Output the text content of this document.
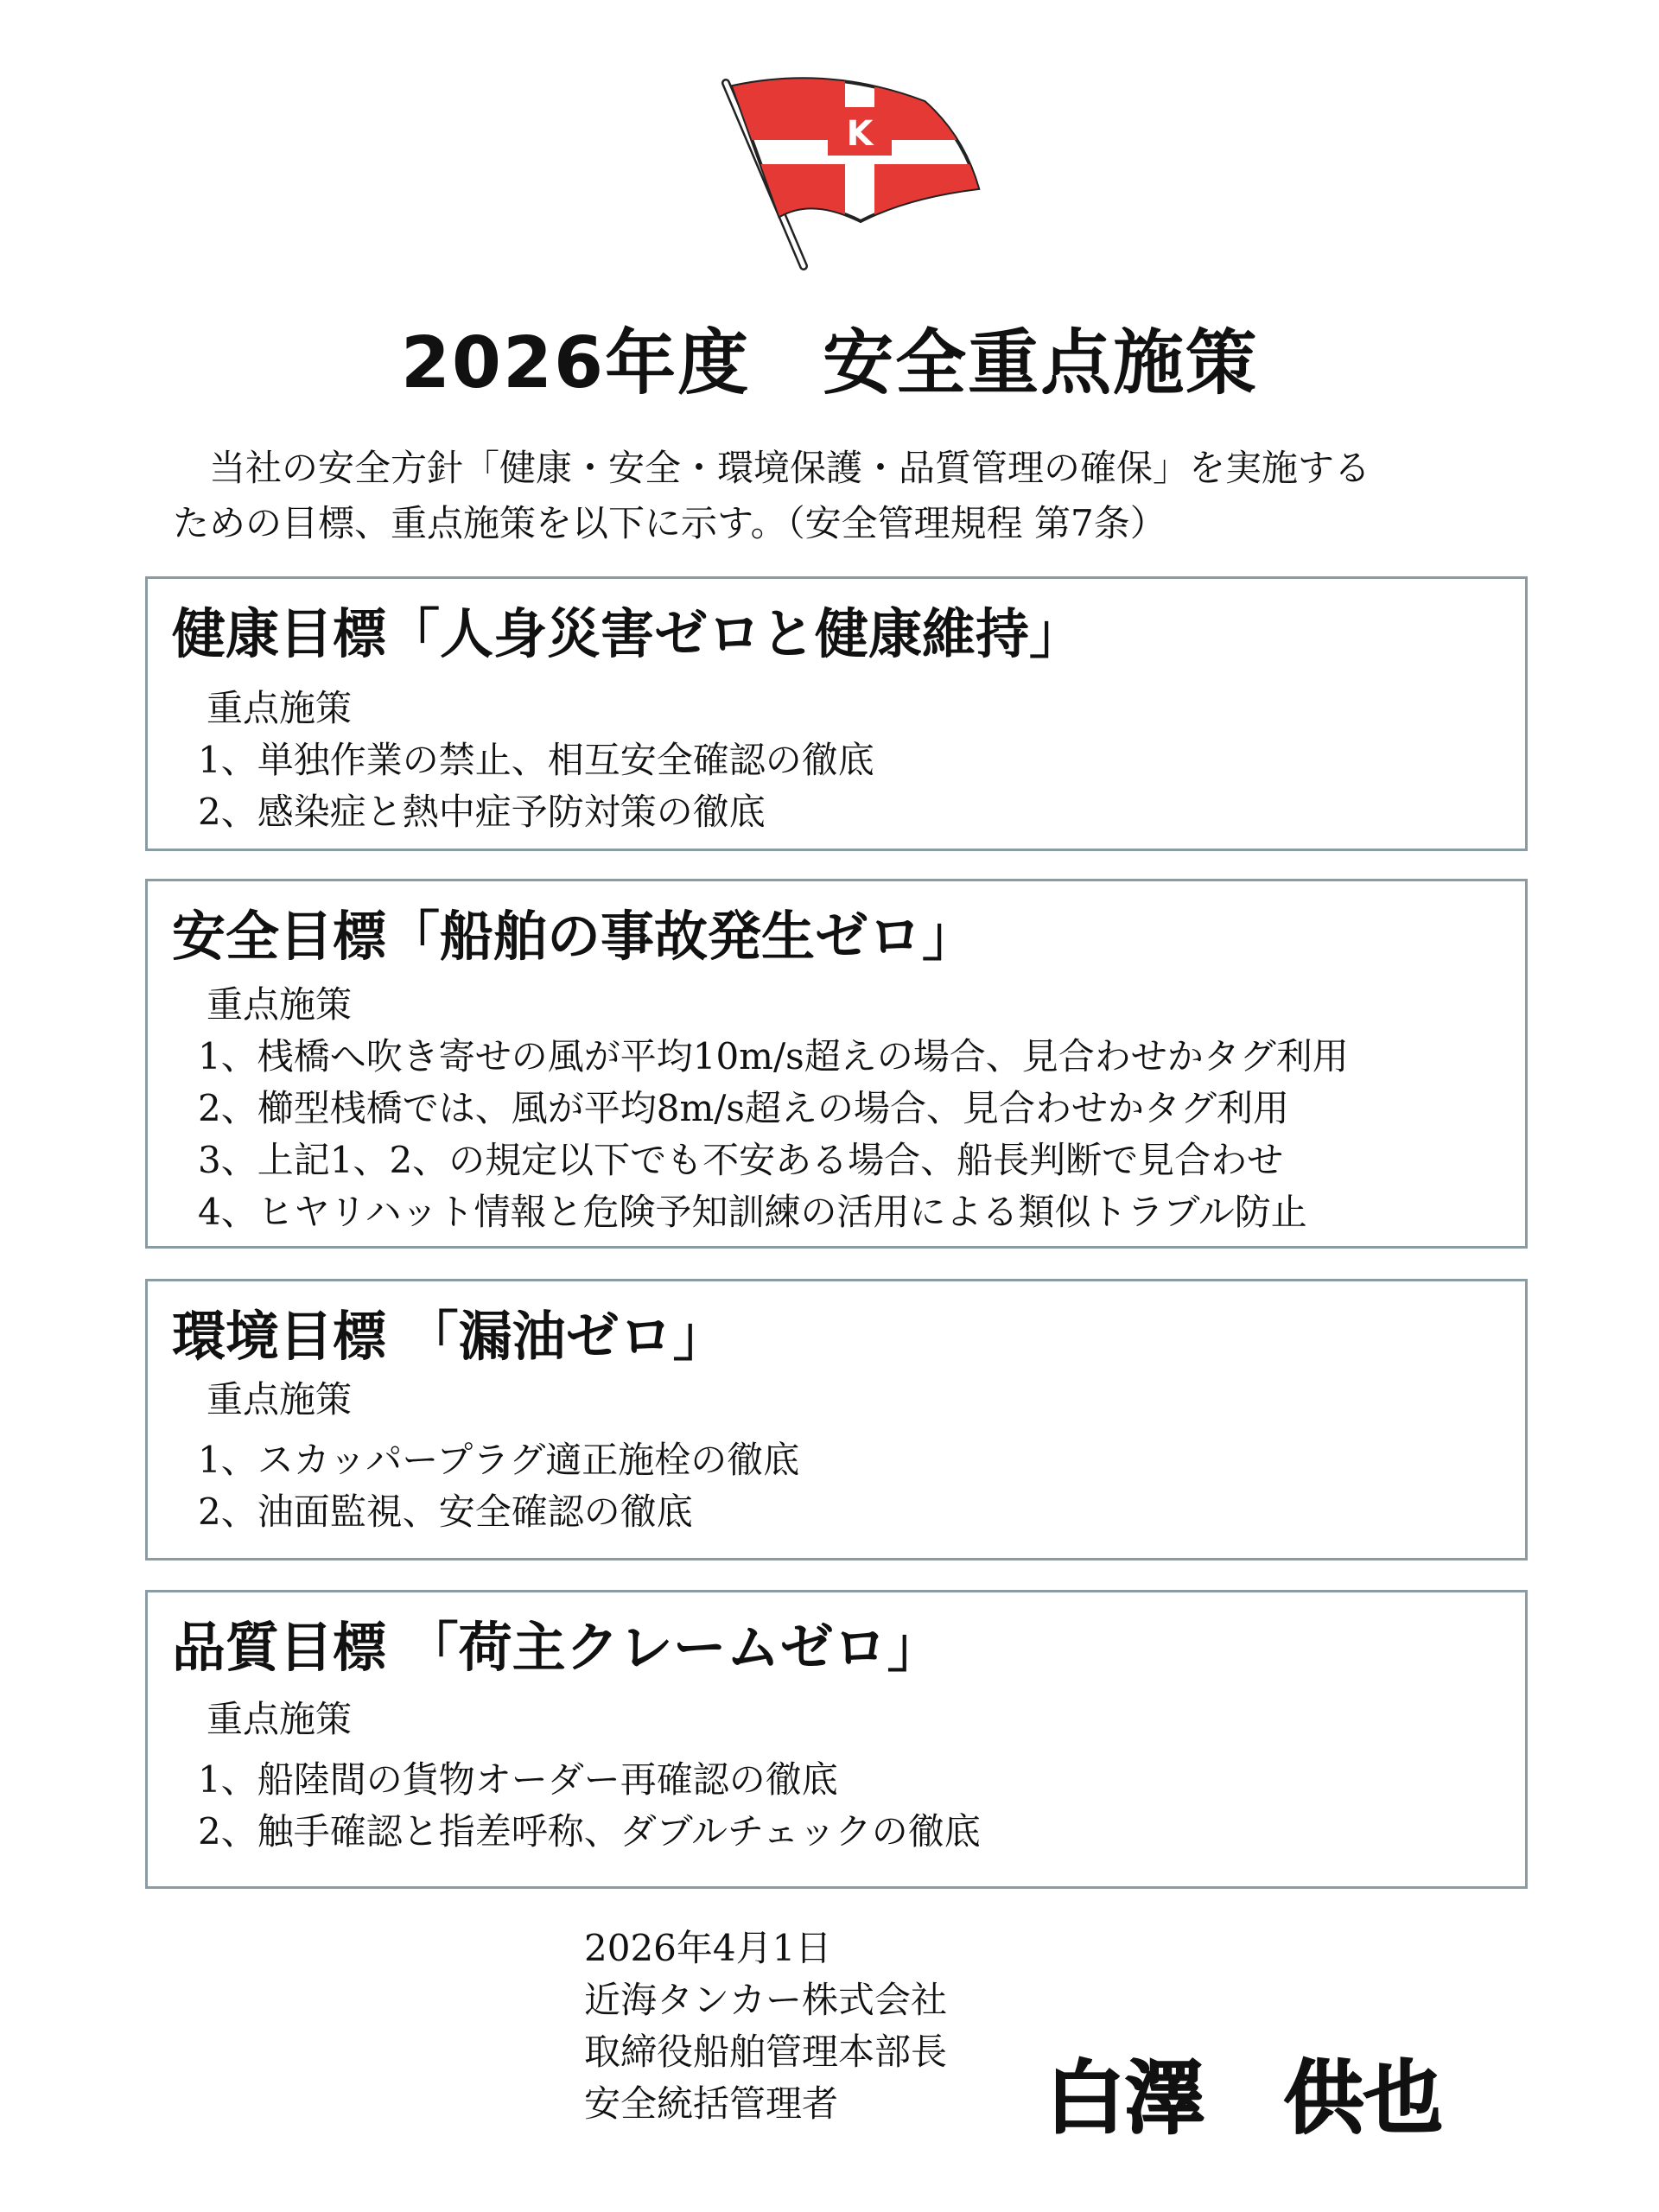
K
2026年度　安全重点施策
当社の安全方針「健康・安全・環境保護・品質管理の確保」を実施する
ための目標、重点施策を以下に示す。（安全管理規程 第7条）
健康目標「人身災害ゼロと健康維持」
重点施策
1、単独作業の禁止、相互安全確認の徹底
2、感染症と熱中症予防対策の徹底
安全目標「船舶の事故発生ゼロ」
重点施策
1、桟橋へ吹き寄せの風が平均10m/s超えの場合、見合わせかタグ利用
2、櫛型桟橋では、風が平均8m/s超えの場合、見合わせかタグ利用
3、上記1、2、の規定以下でも不安ある場合、船長判断で見合わせ
4、ヒヤリハット情報と危険予知訓練の活用による類似トラブル防止
環境目標 「漏油ゼロ」
重点施策
1、スカッパープラグ適正施栓の徹底
2、油面監視、安全確認の徹底
品質目標 「荷主クレームゼロ」
重点施策
1、船陸間の貨物オーダー再確認の徹底
2、触手確認と指差呼称、ダブルチェックの徹底
2026年4月1日
近海タンカー株式会社
取締役船舶管理本部長
安全統括管理者	白澤　供也
